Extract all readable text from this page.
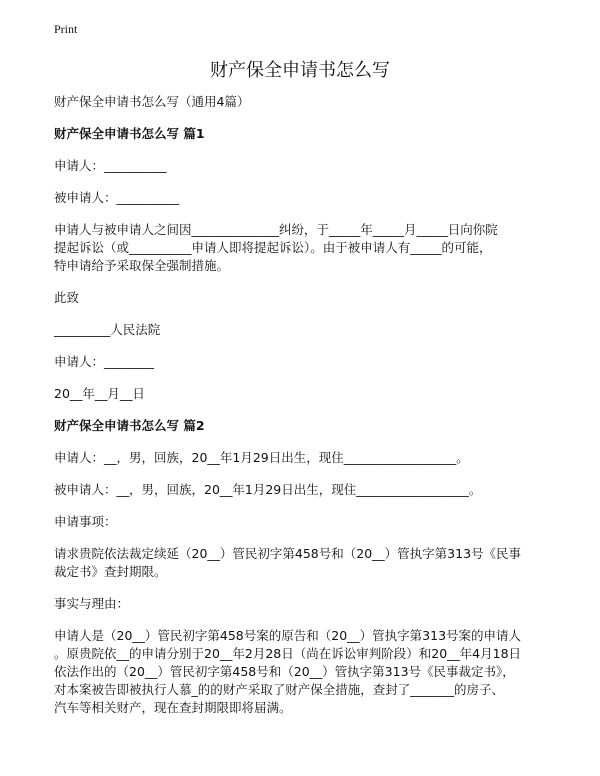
Print
财产保全申请书怎么写

财产保全申请书怎么写（通用4篇）

财产保全申请书怎么写 篇1

申请人：__________

被申请人：__________

申请人与被申请人之间因______________纠纷，于_____年_____月_____日向你院

提起诉讼（或__________申请人即将提起诉讼）。由于被申请人有_____的可能，

特申请给予采取保全强制措施。

此致

_________人民法院

申请人：________

20__年__月__日

财产保全申请书怎么写 篇2

申请人：__，男，回族，20__年1月29日出生，现住__________________。

被申请人：__，男，回族，20__年1月29日出生，现住__________________。

申请事项：

请求贵院依法裁定续延（20__）管民初字第458号和（20__）管执字第313号《民事

裁定书》查封期限。

事实与理由：

申请人是（20__）管民初字第458号案的原告和（20__）管执字第313号案的申请人

。原贵院依__的申请分别于20__年2月28日（尚在诉讼审判阶段）和20__年4月18日

依法作出的（20__）管民初字第458号和（20__）管执字第313号《民事裁定书》，

对本案被告即被执行人慕_的的财产采取了财产保全措施，查封了_______的房子、

汽车等相关财产，现在查封期限即将届满。
